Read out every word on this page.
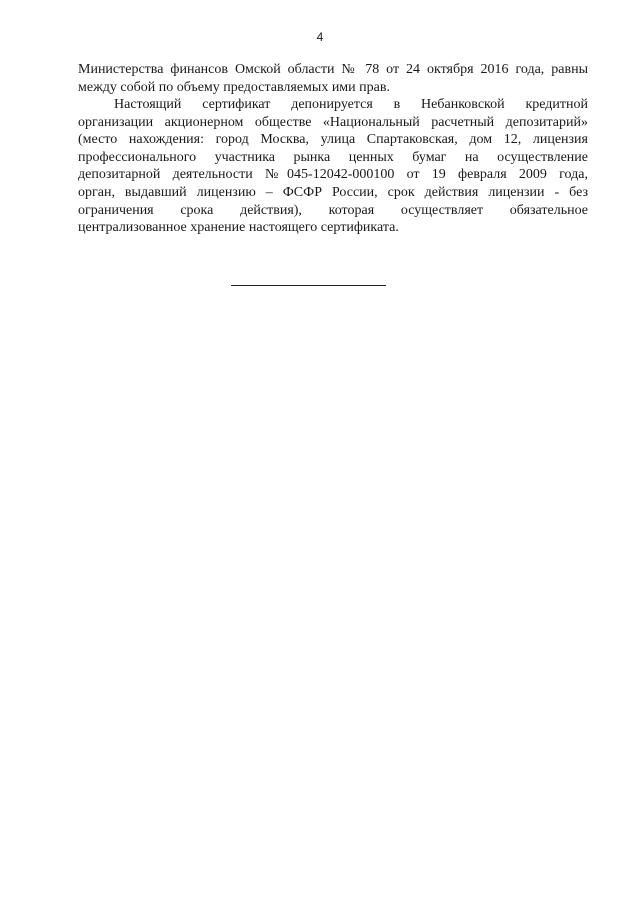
4
Министерства финансов Омской области № 78 от 24 октября 2016 года, равны
между собой по объему предоставляемых ими прав.
Настоящий сертификат депонируется в Небанковской кредитной
организации акционерном обществе «Национальный расчетный депозитарий»
(место нахождения: город Москва, улица Спартаковская, дом 12, лицензия
профессионального участника рынка ценных бумаг на осуществление
депозитарной деятельности №045-12042-000100 от 19 февраля 2009 года,
орган, выдавший лицензию – ФСФР России, срок действия лицензии - без
ограничения срока действия), которая осуществляет обязательное
централизованное хранение настоящего сертификата.
